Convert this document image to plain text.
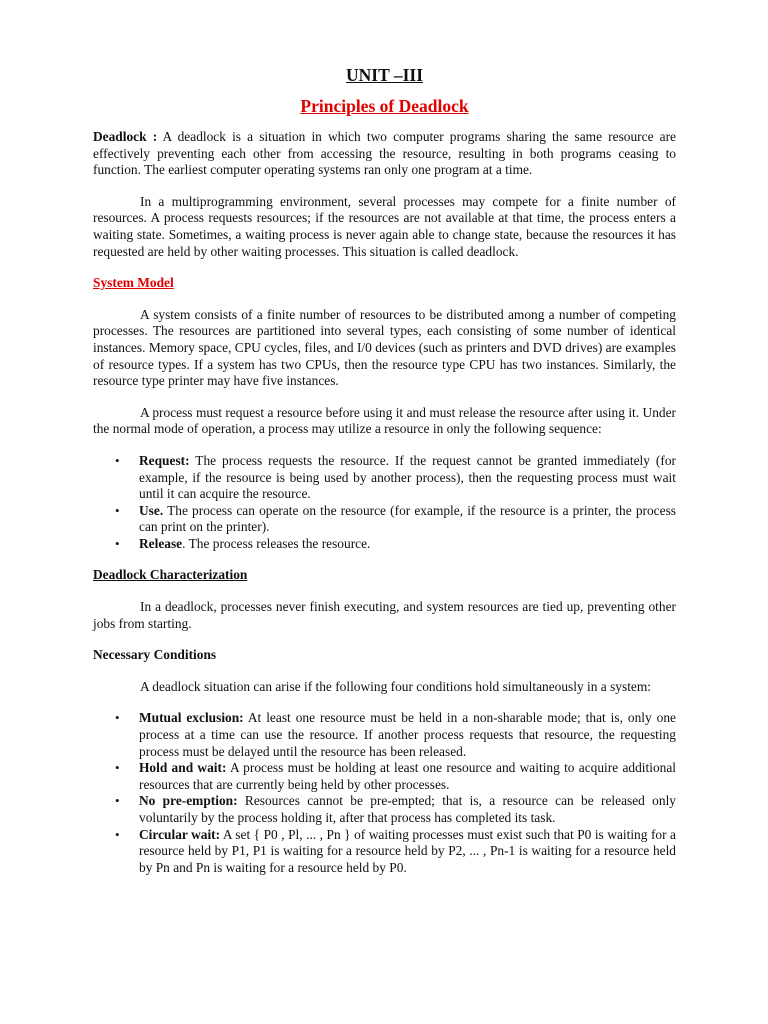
UNIT –III
Principles of Deadlock

Deadlock : A deadlock is a situation in which two computer programs sharing the same resource are effectively preventing each other from accessing the resource, resulting in both programs ceasing to function. The earliest computer operating systems ran only one program at a time.

In a multiprogramming environment, several processes may compete for a finite number of resources. A process requests resources; if the resources are not available at that time, the process enters a waiting state. Sometimes, a waiting process is never again able to change state, because the resources it has requested are held by other waiting processes. This situation is called deadlock.

System Model

A system consists of a finite number of resources to be distributed among a number of competing processes. The resources are partitioned into several types, each consisting of some number of identical instances. Memory space, CPU cycles, files, and I/0 devices (such as printers and DVD drives) are examples of resource types. If a system has two CPUs, then the resource type CPU has two instances. Similarly, the resource type printer may have five instances.

A process must request a resource before using it and must release the resource after using it. Under the normal mode of operation, a process may utilize a resource in only the following sequence:

• Request: The process requests the resource. If the request cannot be granted immediately (for example, if the resource is being used by another process), then the requesting process must wait until it can acquire the resource.
• Use. The process can operate on the resource (for example, if the resource is a printer, the process can print on the printer).
• Release. The process releases the resource.
Deadlock Characterization

In a deadlock, processes never finish executing, and system resources are tied up, preventing other jobs from starting.

Necessary Conditions

A deadlock situation can arise if the following four conditions hold simultaneously in a system:

• Mutual exclusion: At least one resource must be held in a non-sharable mode; that is, only one process at a time can use the resource. If another process requests that resource, the requesting process must be delayed until the resource has been released.
• Hold and wait: A process must be holding at least one resource and waiting to acquire additional resources that are currently being held by other processes.
• No pre-emption: Resources cannot be pre-empted; that is, a resource can be released only voluntarily by the process holding it, after that process has completed its task.
• Circular wait: A set { P0 , Pl, ... , Pn } of waiting processes must exist such that P0 is waiting for a resource held by P1, P1 is waiting for a resource held by P2, ... , Pn-1 is waiting for a resource held by Pn and Pn is waiting for a resource held by P0.
